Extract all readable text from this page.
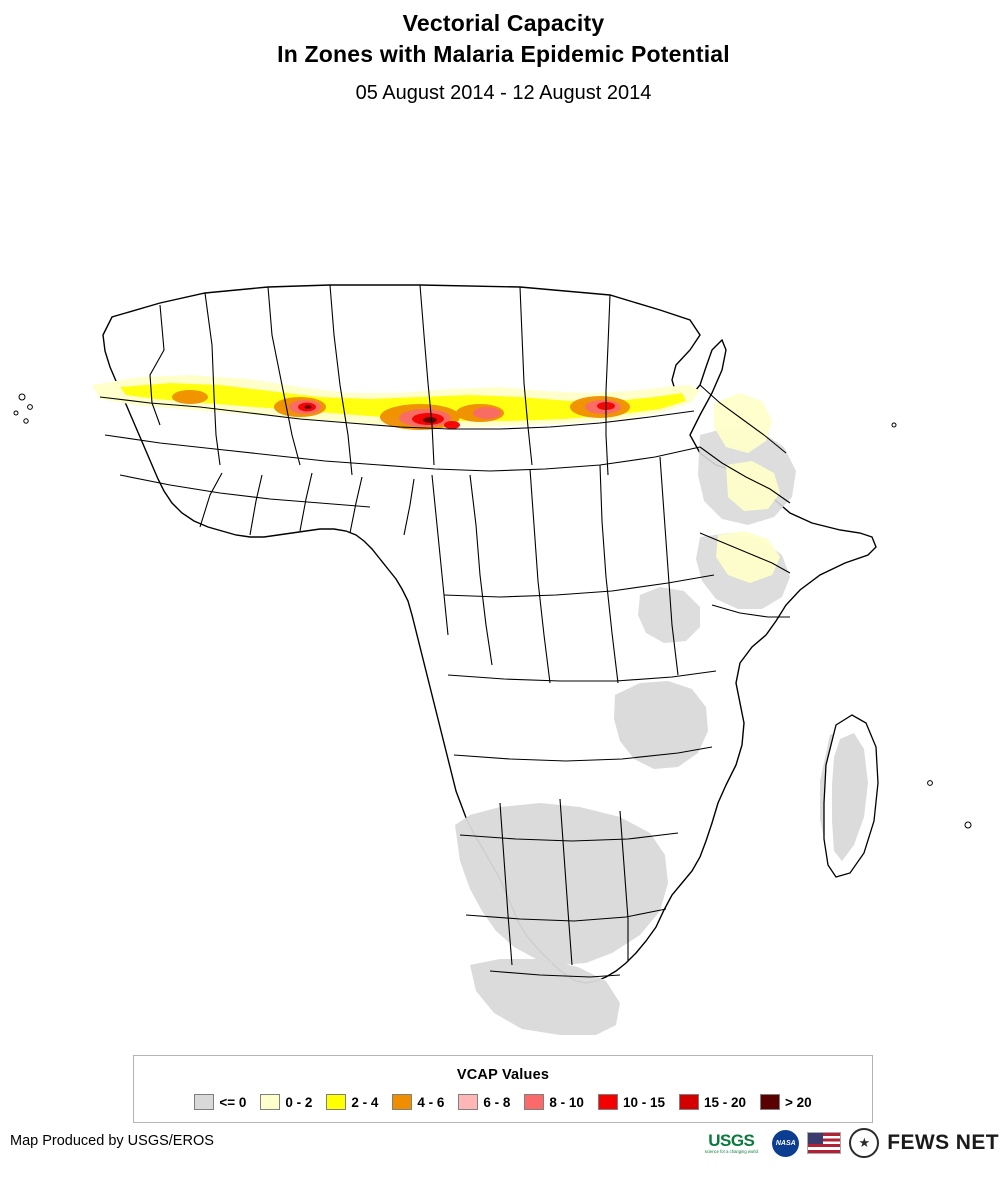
Vectorial Capacity
In Zones with Malaria Epidemic Potential
05 August 2014 - 12 August 2014
VCAP Values
<= 0	0 - 2	2 - 4	4 - 6	6 - 8	8 - 10	10 - 15	15 - 20	> 20
Map Produced by USGS/EROS	USGS
science for a changing world
NASA	★ FEWS NET
